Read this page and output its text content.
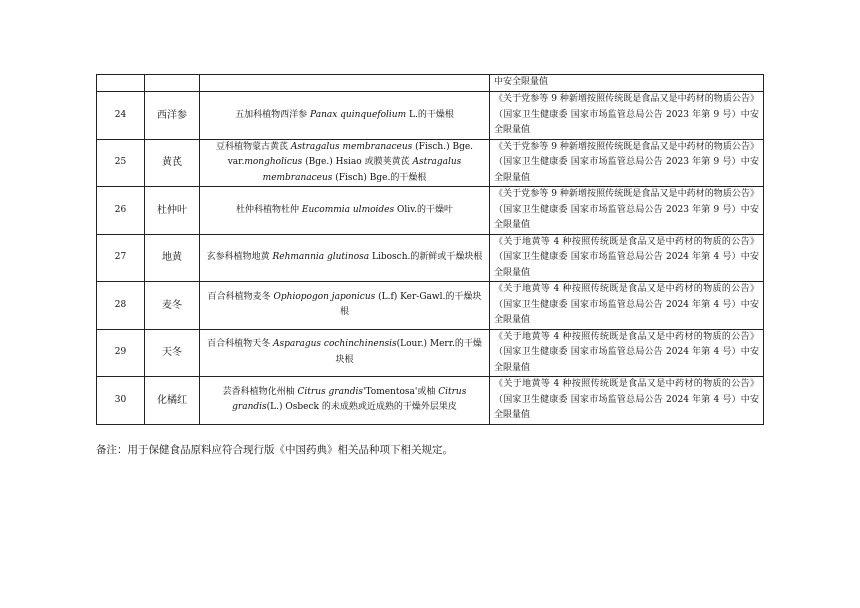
			中安全限量值
24	西洋参	五加科植物西洋参 Panax quinquefolium L.的干燥根	《关于党参等 9 种新增按照传统既是食品又是中药材的物质公告》（国家卫生健康委 国家市场监管总局公告 2023 年第 9 号）中安全限量值
25	黄芪	豆科植物蒙古黄芪 Astragalus membranaceus (Fisch.) Bge. var.mongholicus (Bge.) Hsiao 或膜荚黄芪 Astragalus membranaceus (Fisch) Bge.的干燥根	《关于党参等 9 种新增按照传统既是食品又是中药材的物质公告》（国家卫生健康委 国家市场监管总局公告 2023 年第 9 号）中安全限量值
26	杜仲叶	杜仲科植物杜仲 Eucommia ulmoides Oliv.的干燥叶	《关于党参等 9 种新增按照传统既是食品又是中药材的物质公告》（国家卫生健康委 国家市场监管总局公告 2023 年第 9 号）中安全限量值
27	地黄	玄参科植物地黄 Rehmannia glutinosa Libosch.的新鲜或干燥块根	《关于地黄等 4 种按照传统既是食品又是中药材的物质的公告》（国家卫生健康委 国家市场监管总局公告 2024 年第 4 号）中安全限量值
28	麦冬	百合科植物麦冬 Ophiopogon japonicus (L.f) Ker-Gawl.的干燥块根	《关于地黄等 4 种按照传统既是食品又是中药材的物质的公告》（国家卫生健康委 国家市场监管总局公告 2024 年第 4 号）中安全限量值
29	天冬	百合科植物天冬 Asparagus cochinchinensis(Lour.) Merr.的干燥块根	《关于地黄等 4 种按照传统既是食品又是中药材的物质的公告》（国家卫生健康委 国家市场监管总局公告 2024 年第 4 号）中安全限量值
30	化橘红	芸香科植物化州柚 Citrus grandis'Tomentosa'或柚 Citrus grandis(L.) Osbeck 的未成熟或近成熟的干燥外层果皮	《关于地黄等 4 种按照传统既是食品又是中药材的物质的公告》（国家卫生健康委 国家市场监管总局公告 2024 年第 4 号）中安全限量值
备注：用于保健食品原料应符合现行版《中国药典》相关品种项下相关规定。
